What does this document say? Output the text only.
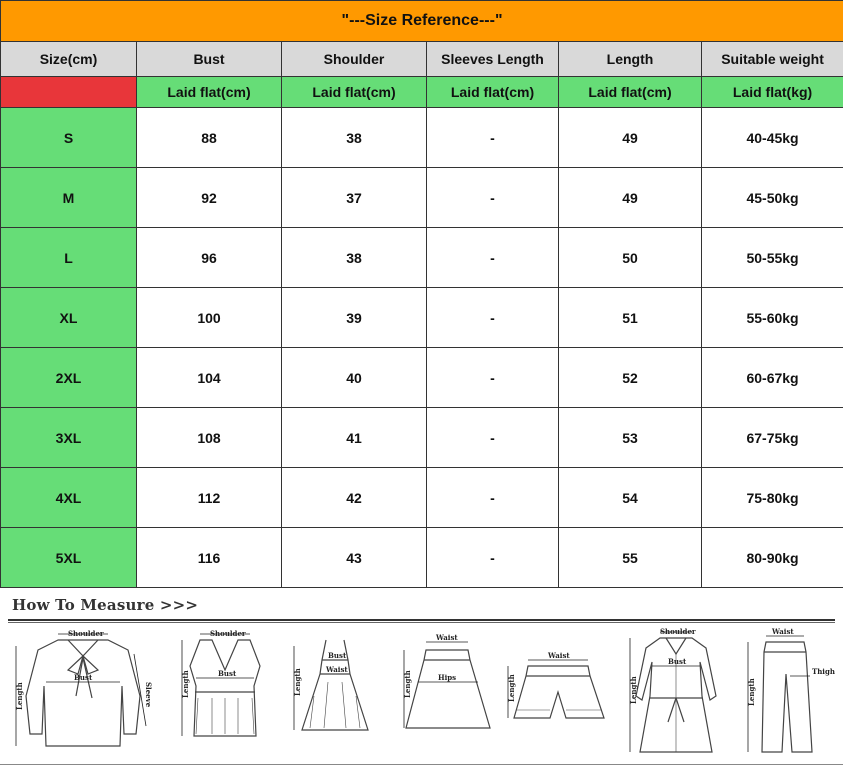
"---Size Reference---"					
Size(cm)	Bust	Shoulder	Sleeves Length	Length	Suitable weight
	Laid flat(cm)	Laid flat(cm)	Laid flat(cm)	Laid flat(cm)	Laid flat(kg)
S	88	38	-	49	40-45kg
M	92	37	-	49	45-50kg
L	96	38	-	50	50-55kg
XL	100	39	-	51	55-60kg
2XL	104	40	-	52	60-67kg
3XL	108	41	-	53	67-75kg
4XL	112	42	-	54	75-80kg
5XL	116	43	-	55	80-90kg
How To Measure >>>
Shoulder
Bust
Length	Sleeve
Shoulder
Bust
Length
Bust
Waist
Length
Waist
Hips
Length
Waist
Length
Shoulder
Bust
Length
Waist
Thigh
Length
